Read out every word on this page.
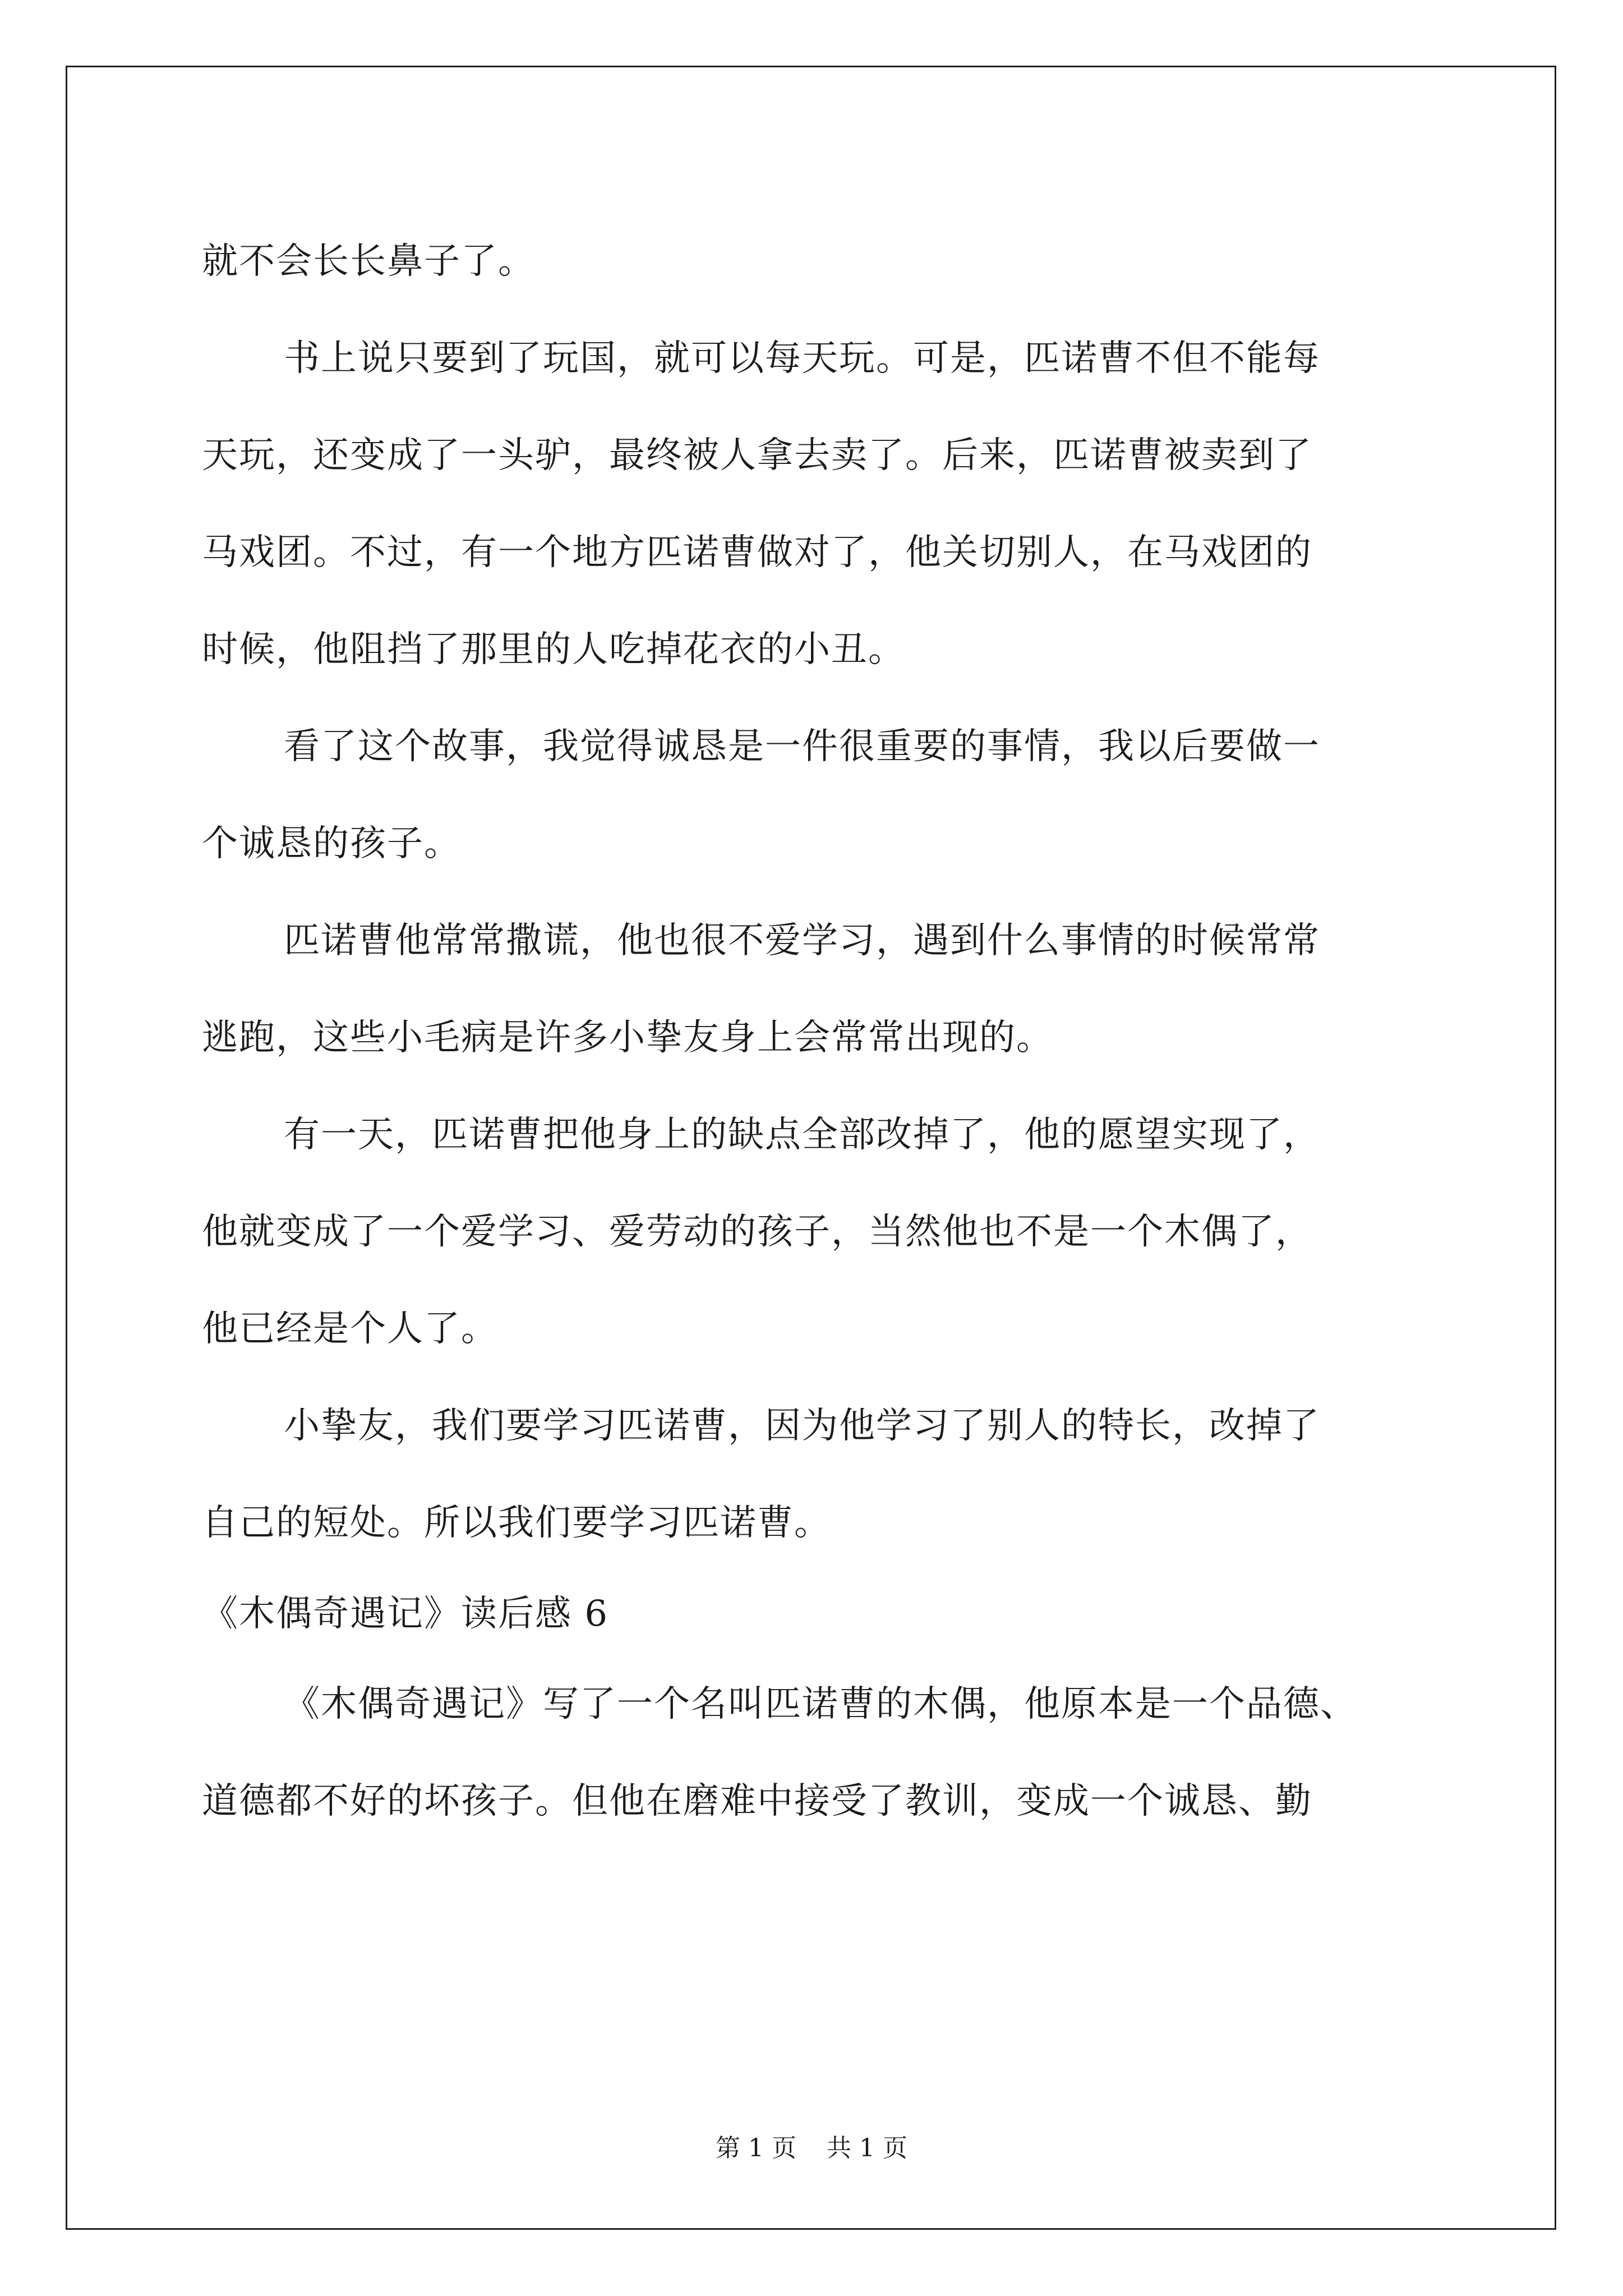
就不会长长鼻子了。
书上说只要到了玩国，就可以每天玩。可是，匹诺曹不但不能每
天玩，还变成了一头驴，最终被人拿去卖了。后来，匹诺曹被卖到了
马戏团。不过，有一个地方匹诺曹做对了，他关切别人，在马戏团的
时候，他阻挡了那里的人吃掉花衣的小丑。
看了这个故事，我觉得诚恳是一件很重要的事情，我以后要做一
个诚恳的孩子。
匹诺曹他常常撒谎，他也很不爱学习，遇到什么事情的时候常常
逃跑，这些小毛病是许多小挚友身上会常常出现的。
有一天，匹诺曹把他身上的缺点全部改掉了，他的愿望实现了，
他就变成了一个爱学习、爱劳动的孩子，当然他也不是一个木偶了，
他已经是个人了。
小挚友，我们要学习匹诺曹，因为他学习了别人的特长，改掉了
自己的短处。所以我们要学习匹诺曹。
《木偶奇遇记》读后感 6
《木偶奇遇记》写了一个名叫匹诺曹的木偶，他原本是一个品德、
道德都不好的坏孩子。但他在磨难中接受了教训，变成一个诚恳、勤
第 1 页 共 1 页
